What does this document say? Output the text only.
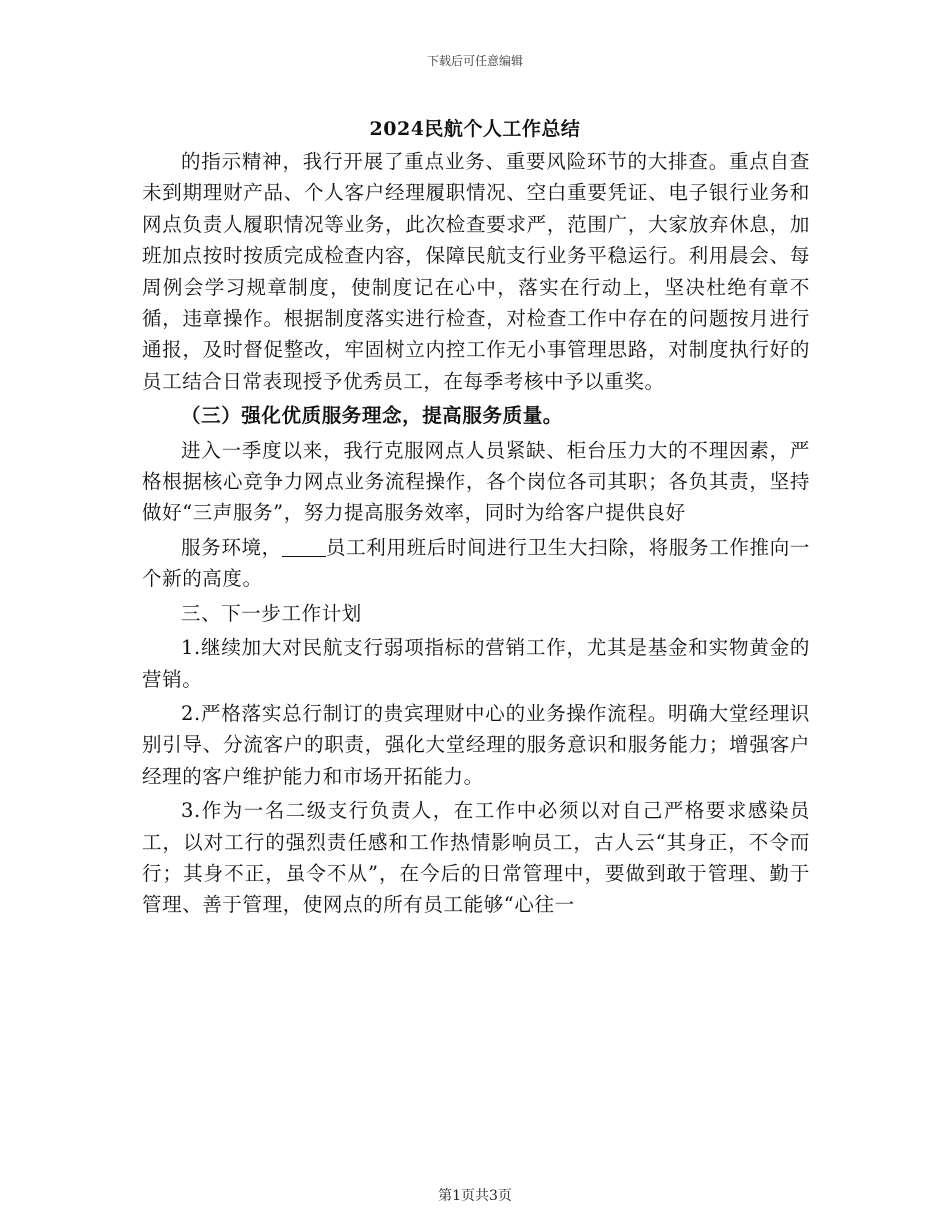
下载后可任意编辑
2024民航个人工作总结

的指示精神，我行开展了重点业务、重要风险环节的大排查。重点自查未到期理财产品、个人客户经理履职情况、空白重要凭证、电子银行业务和网点负责人履职情况等业务，此次检查要求严，范围广，大家放弃休息，加班加点按时按质完成检查内容，保障民航支行业务平稳运行。利用晨会、每周例会学习规章制度，使制度记在心中，落实在行动上，坚决杜绝有章不循，违章操作。根据制度落实进行检查，对检查工作中存在的问题按月进行通报，及时督促整改，牢固树立内控工作无小事管理思路，对制度执行好的员工结合日常表现授予优秀员工，在每季考核中予以重奖。

（三）强化优质服务理念，提高服务质量。

进入一季度以来，我行克服网点人员紧缺、柜台压力大的不理因素，严格根据核心竞争力网点业务流程操作，各个岗位各司其职；各负其责，坚持做好“三声服务”，努力提高服务效率，同时为给客户提供良好

服务环境， 员工利用班后时间进行卫生大扫除，将服务工作推向一个新的高度。

三、下一步工作计划

1.继续加大对民航支行弱项指标的营销工作，尤其是基金和实物黄金的营销。

2.严格落实总行制订的贵宾理财中心的业务操作流程。明确大堂经理识别引导、分流客户的职责，强化大堂经理的服务意识和服务能力；增强客户经理的客户维护能力和市场开拓能力。

3.作为一名二级支行负责人，在工作中必须以对自己严格要求感染员工，以对工行的强烈责任感和工作热情影响员工，古人云“其身正，不令而行；其身不正，虽令不从”，在今后的日常管理中，要做到敢于管理、勤于管理、善于管理，使网点的所有员工能够“心往一

第1页共3页
